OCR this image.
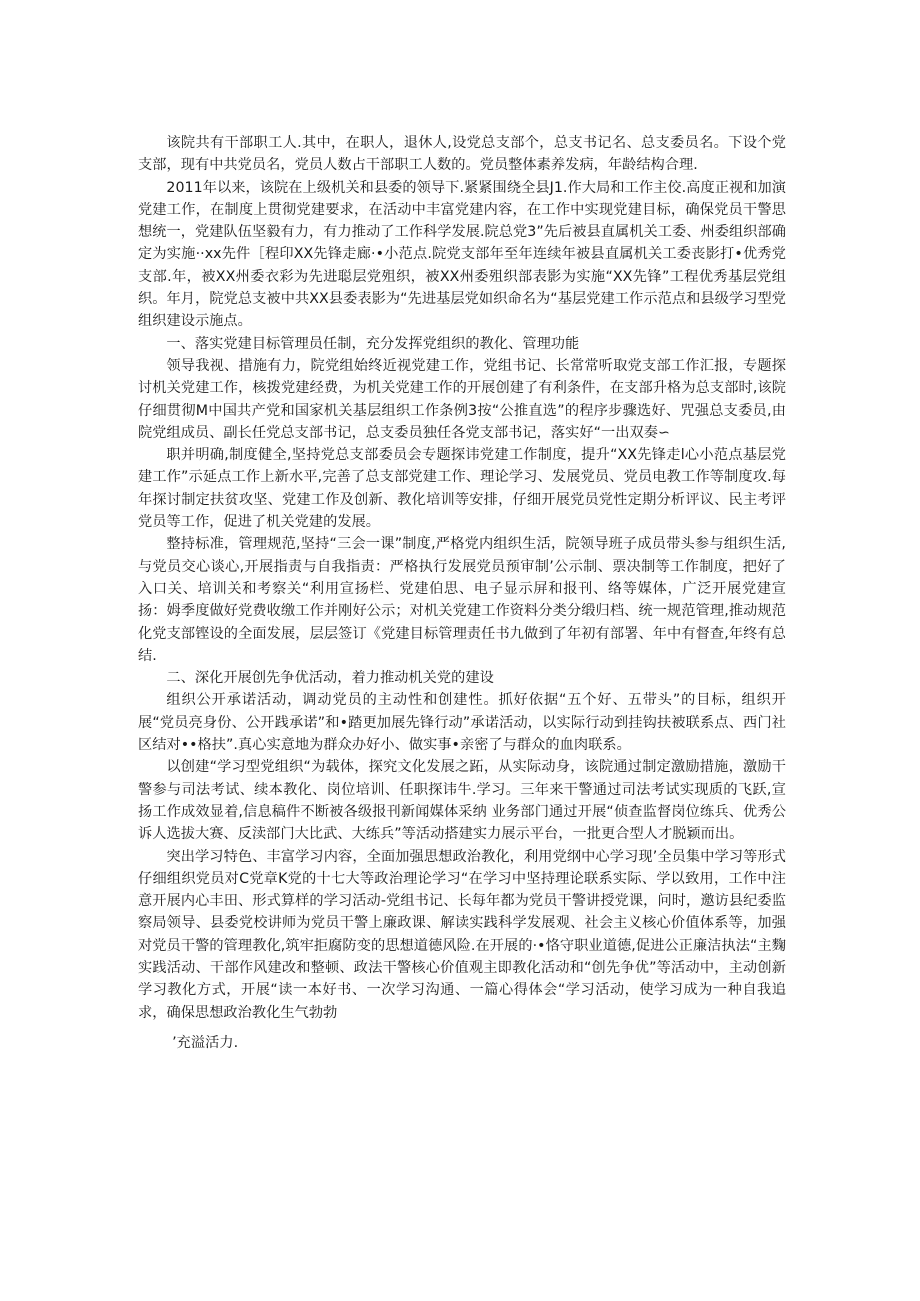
该院共有干部职工人.其中，在职人，退休人,设党总支部个，总支书记名、总支委员名。下设个党支部，现有中共党员名，党员人数占干部职工人数的。党员整体素养发病，年龄结构合理.

2011年以来，该院在上级机关和县委的领导下.紧紧围绕全县J1.作大局和工作主佼.高度正视和加演党建工作，在制度上贯彻党建要求，在活动中丰富党建内容，在工作中实现党建目标，确保党员干警思想统一，党建队伍坚毅有力，有力推动了工作科学发展.院总党3”先后被县直属机关工委、州委组织部确定为实施··xx先件［程印XX先锋走廊·•小范点.院党支部年至年连续年被县直属机关工委丧影打•优秀党支部.年，被XX州委衣彩为先进聪层党殂织，被XX州委殂织部表影为实施“XX先锋”工程优秀基层党组织。年月，院党总支被中共XX县委表影为“先进基层党如织命名为“基层党建工作示范点和县级学习型党组织建设示施点。

一、落实党建目标管理员任制，充分发挥党组织的教化、管理功能

领导我视、措施有力，院党组始终近视党建工作，党组书记、长常常听取党支部工作汇报，专题探讨机关党建工作，核拨党建经费，为机关党建工作的开展创建了有利条件，在支部升格为总支部时,该院仔细贯彻M中国共产党和国家机关基层组织工作条例3按“公推直选”的程序步骤选好、咒强总支委员,由院党组成员、副长任党总支部书记，总支委员独任各党支部书记，落实好“一出双奏∽

职并明确,制度健全,坚持党总支部委员会专题探讳党建工作制度，提升“XX先锋走l心小范点基层党建工作”示延点工作上新水平,完善了总支部党建工作、理论学习、发展党员、党员电教工作等制度攻.每年探讨制定扶贫攻坚、党建工作及创新、教化培训等安排，仔细开展党员党性定期分析评议、民主考评党员等工作，促进了机关党建的发展。

整持标准，管理规范,坚持“三会一课”制度,严格党内组织生活，院领导班子成员带头参与组织生活,与党员交心谈心,开展指责与自我指责：严格执行发展党员预审制’公示制、票决制等工作制度，把好了入口关、培训关和考察关“利用宣扬栏、党建伯思、电子显示屏和报刊、络等媒体，广泛开展党建宣扬：姆季度做好党费收缴工作并刚好公示；对机关党建工作资料分类分缎归档、统一规范管理,推动规范化党支部铿设的全面发展，层层签订《党建目标管理责任书九做到了年初有部署、年中有督查,年终有总结.

二、深化开展创先争优活动，着力推动机关党的建设

组织公开承诺活动，调动党员的主动性和创建性。抓好依据“五个好、五带头”的目标，组织开展“党员亮身份、公开践承诺”和•踏更加展先锋行动”承诺活动，以实际行动到挂钩扶被联系点、西门社区结对••格扶”.真心实意地为群众办好小、做实事•亲密了与群众的血肉联系。

以创建“学习型党组织“为载体，探究文化发展之跖，从实际动身，该院通过制定激励措施，激励干警参与司法考试、续本教化、岗位培训、任职探讳牛.学习。三年来干警通过司法考试实现质的飞跃,宣扬工作成效显着,信息稿件不断被各级报刊新闻媒体采纳 业务部门通过开展“侦查监督岗位练兵、优秀公诉人选拔大赛、反渎部门大比武、大练兵”等活动搭建实力展示平台，一批更合型人才脱颖而出。

突出学习特色、丰富学习内容，全面加强思想政治教化，利用党纲中心学习现’全员集中学习等形式仔细组织党员对C党章K党的十七大等政治理论学习“在学习中坚持理论联系实际、学以致用，工作中注意开展内心丰田、形式算样的学习活动-党组书记、长每年都为党员干警讲授党课，问时，邀访县纪委监察局领导、县委党校讲师为党员干警上廉政课、解读实践科学发展观、社会主义核心价值体系等，加强对党员干警的管理教化,筑牢拒腐防变的思想道德风险.在开展的·•恪守职业道德,促进公正廉洁执法“主麴实践活动、干部作风建改和整顿、政法干警核心价值观主即教化活动和“创先争优”等活动中，主动创新学习教化方式，开展“读一本好书、一次学习沟通、一篇心得体会“学习活动，使学习成为一种自我追求，确保思想政治教化生气勃勃

’充溢活力.
